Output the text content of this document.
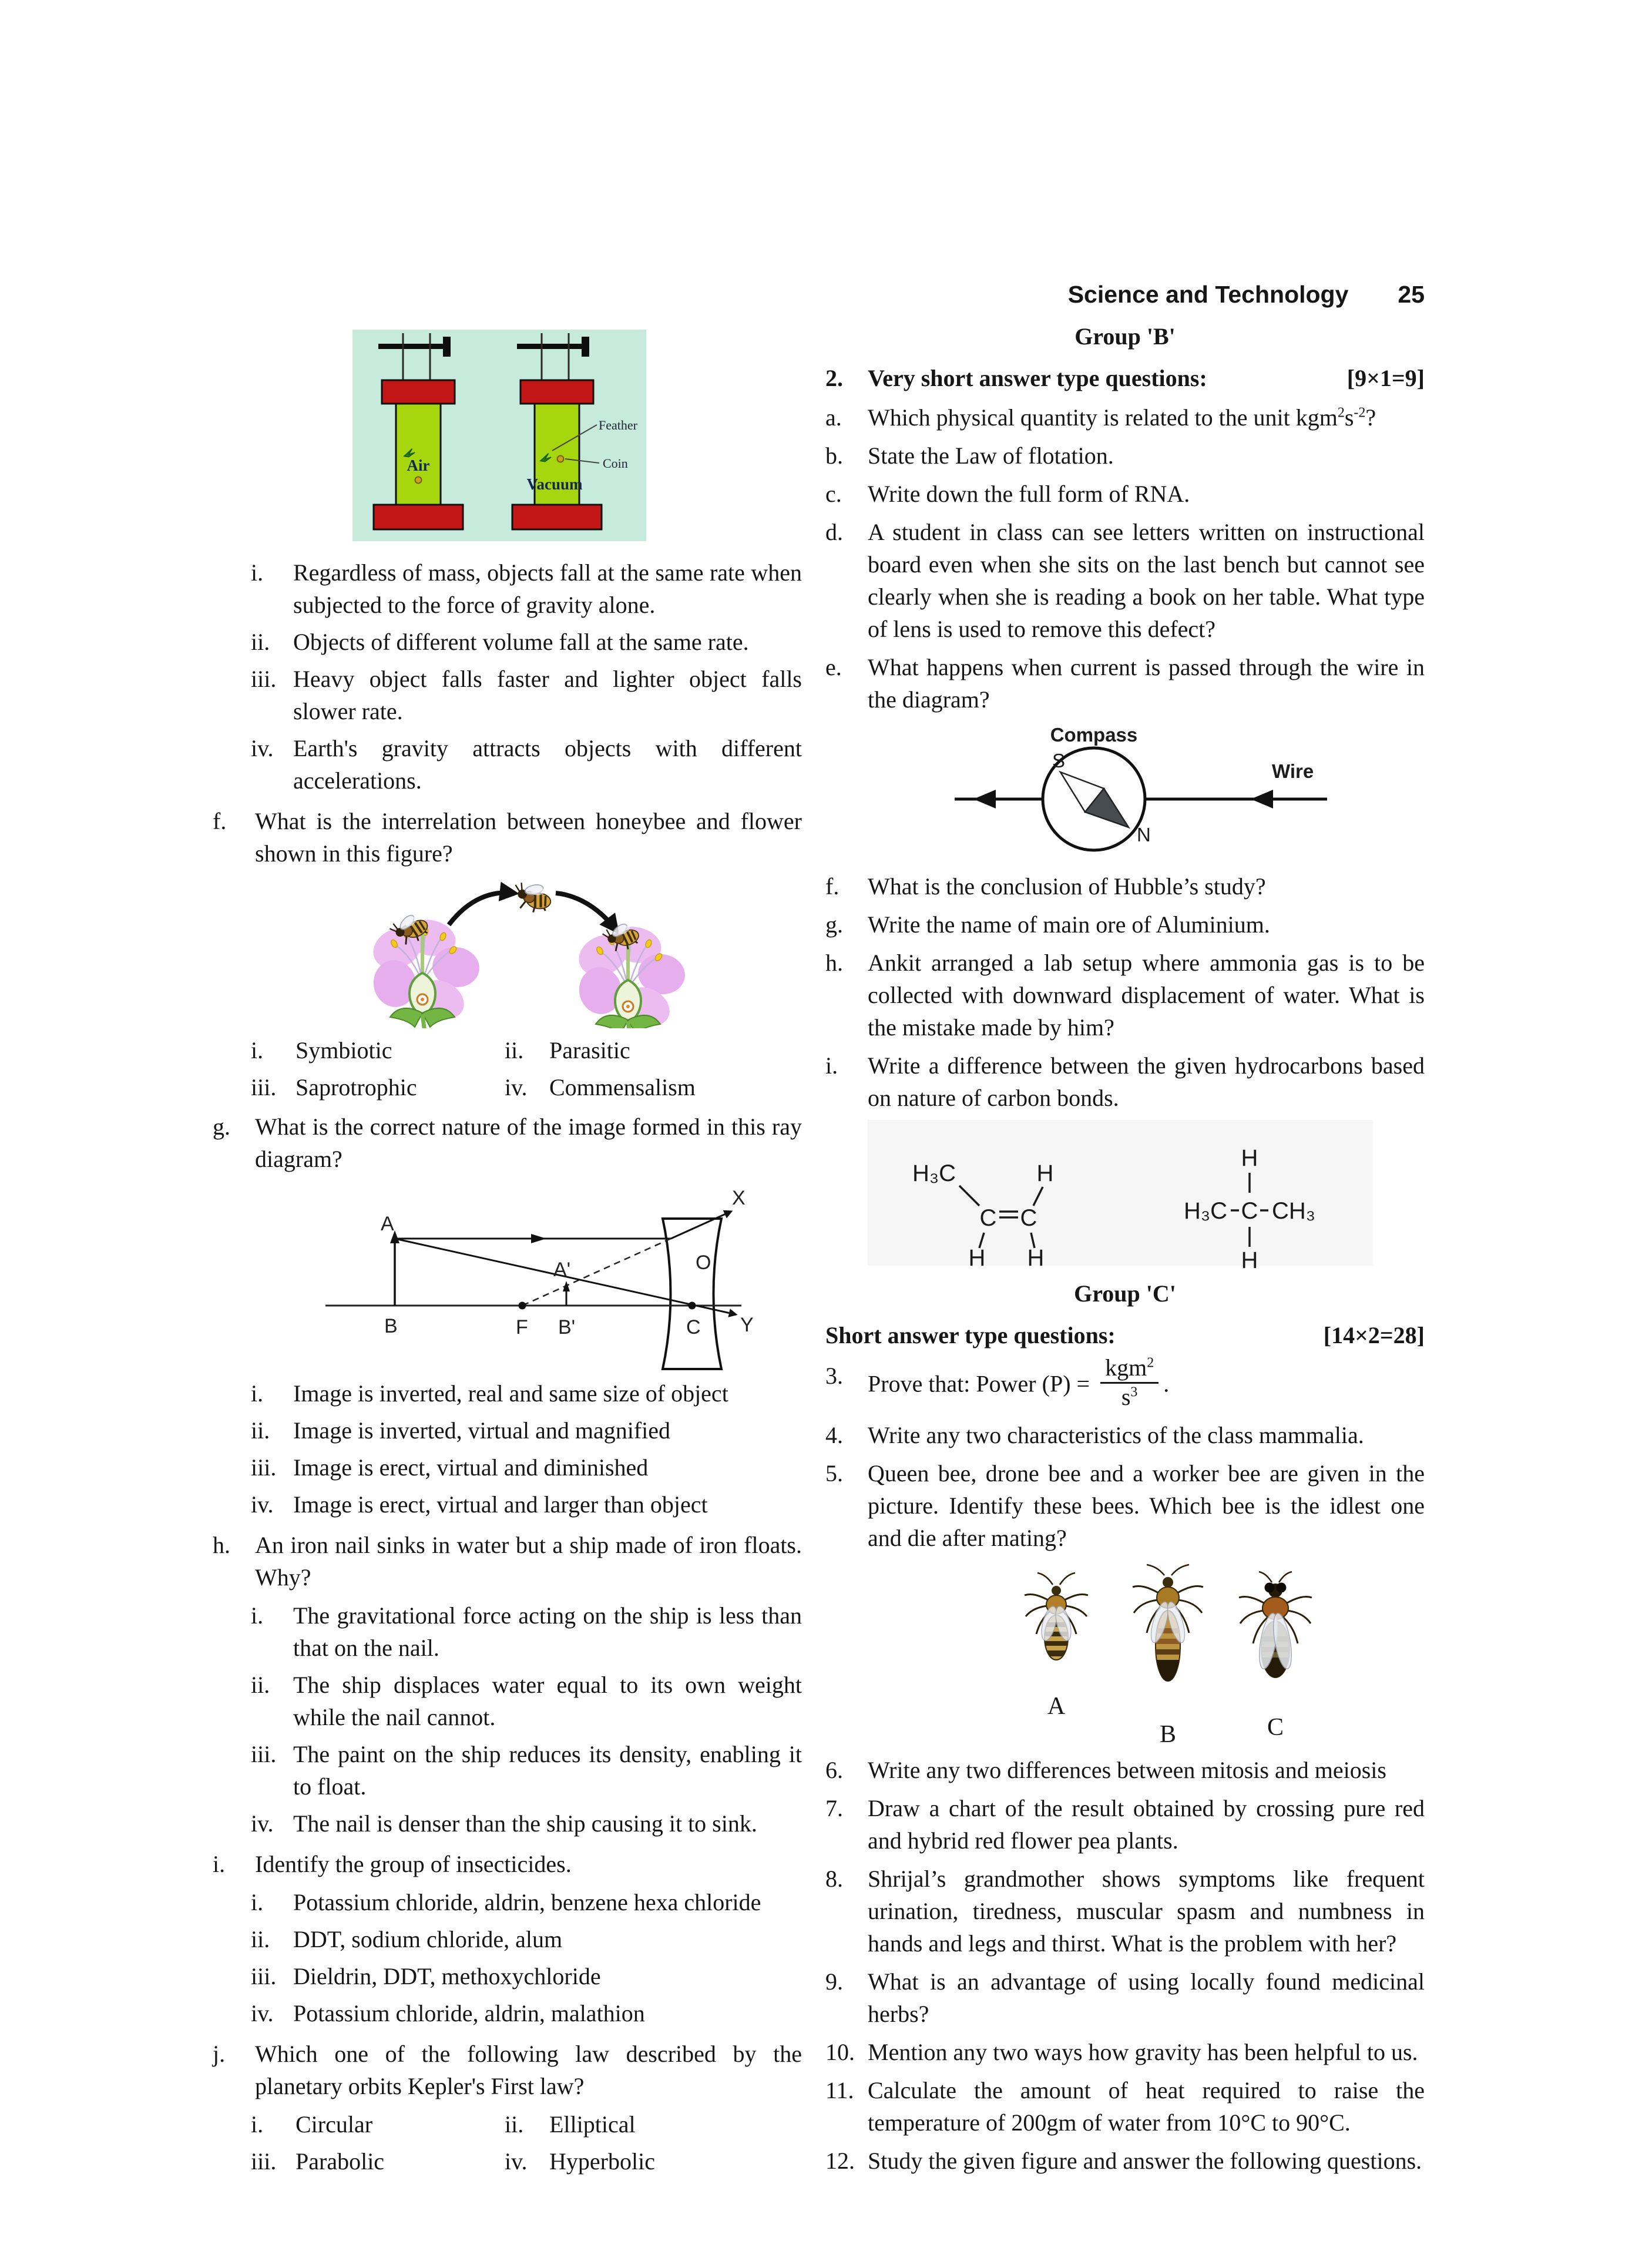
Science and Technology 25
Air
Feather
Coin
Vacuum
i.	Regardless of mass, objects fall at the same rate when subjected to the force of gravity alone.
ii. Objects of different volume fall at the same rate.
iii. Heavy object falls faster and lighter object falls slower rate.
iv. Earth's gravity attracts objects with different accelerations.
f.	What is the interrelation between honeybee and flower shown in this figure?
i.	Symbiotic	ii.	Parasitic
iii. Saprotrophic	iv. Commensalism
g.	What is the correct nature of the image formed in this ray diagram?
A
B	F B'
A'	O
C
X
Y
i.	Image is inverted, real and same size of object
ii. Image is inverted, virtual and magnified
iii. Image is erect, virtual and diminished
iv. Image is erect, virtual and larger than object
h.	An iron nail sinks in water but a ship made of iron floats. Why?
i.	The gravitational force acting on the ship is less than that on the nail.
ii. The ship displaces water equal to its own weight while the nail cannot.
iii. The paint on the ship reduces its density, enabling it to float.
iv. The nail is denser than the ship causing it to sink.
i.	Identify the group of insecticides.
i.	Potassium chloride, aldrin, benzene hexa chloride
ii. DDT, sodium chloride, alum
iii. Dieldrin, DDT, methoxychloride
iv. Potassium chloride, aldrin, malathion
j.	Which one of the following law described by the planetary orbits Kepler's First law?
i.	Circular	ii.	Elliptical
iii. Parabolic	iv. Hyperbolic
Group 'B'
2.	Very short answer type questions:	[9×1=9]
a.	Which physical quantity is related to the unit $kgm^2s^{-2}$?
b.	State the Law of flotation.
c.	Write down the full form of RNA.
d.	A student in class can see letters written on instructional board even when she sits on the last bench but cannot see clearly when she is reading a book on her table. What type of lens is used to remove this defect?
e.	What happens when current is passed through the wire in the diagram?
Compass
S
N
Wire
f.	What is the conclusion of Hubble’s study?
g.	Write the name of main ore of Aluminium.
h.	Ankit arranged a lab setup where ammonia gas is to be collected with downward displacement of water. What is the mistake made by him?
i.	Write a difference between the given hydrocarbons based on nature of carbon bonds.
H₃C
C C
H
H H
H
H₃C C CH₃
H
Group 'C'
Short answer type questions:	[14×2=28]
3.	Prove that: Power $(P) = \frac{kgm^2}{s^3}$ .
4.	Write any two characteristics of the class mammalia.
5.	Queen bee, drone bee and a worker bee are given in the picture. Identify these bees. Which bee is the idlest one and die after mating?
A
B	C
6.	Write any two differences between mitosis and meiosis
7.	Draw a chart of the result obtained by crossing pure red and hybrid red flower pea plants.
8.	Shrijal’s grandmother shows symptoms like frequent urination, tiredness, muscular spasm and numbness in hands and legs and thirst. What is the problem with her?
9.	What is an advantage of using locally found medicinal herbs?
10. Mention any two ways how gravity has been helpful to us.
11. Calculate the amount of heat required to raise the temperature of 200gm of water from 10°C to 90°C.
12. Study the given figure and answer the following questions.
